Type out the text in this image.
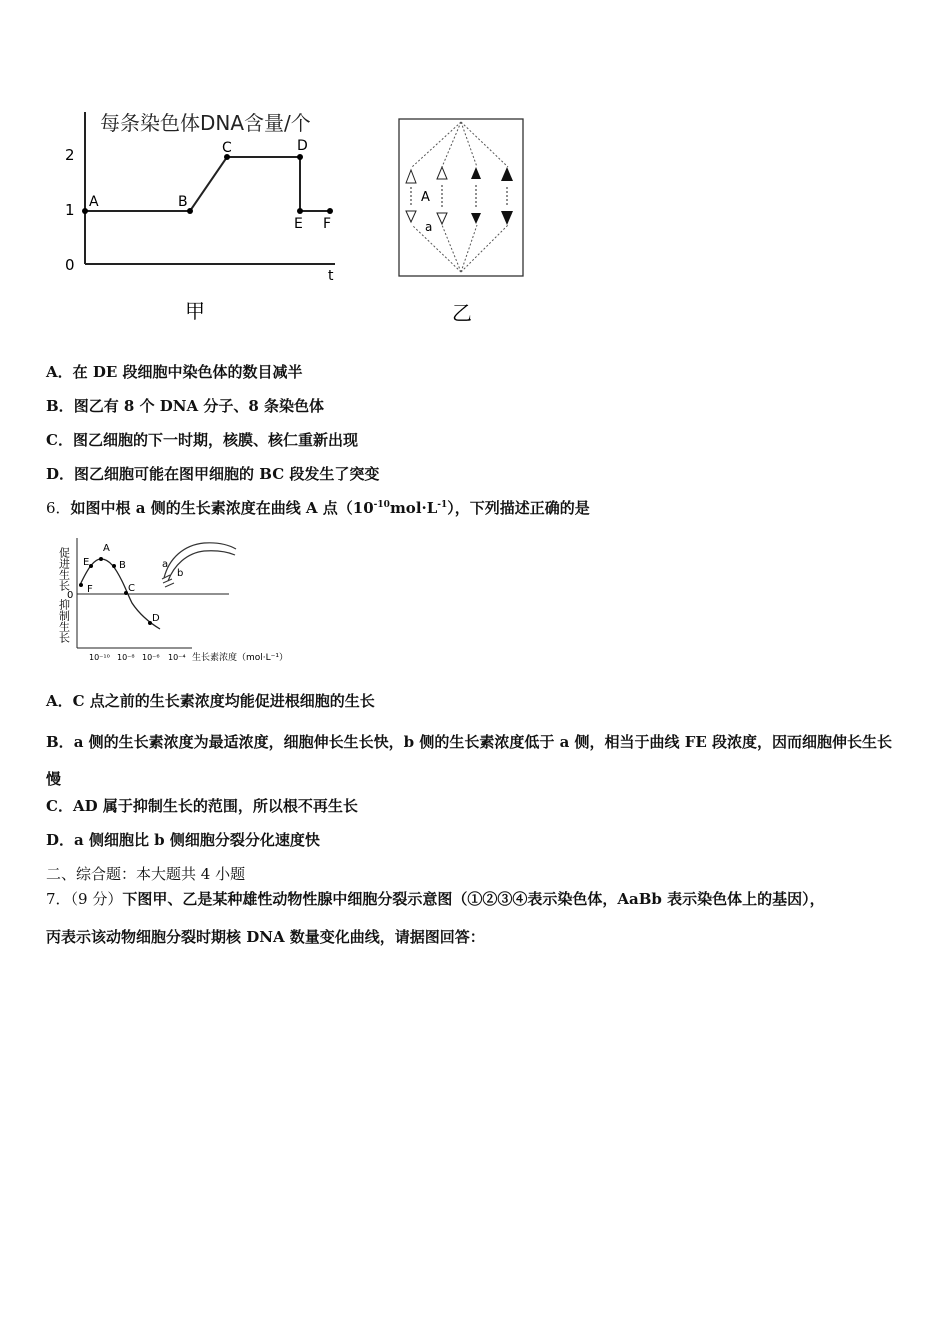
每条染色体DNA含量/个
2
1
0
t
A	B
C	D
E F
甲
A
a
乙
A．在 DE 段细胞中染色体的数目减半
B．图乙有 8 个 DNA 分子、8 条染色体
C．图乙细胞的下一时期，核膜、核仁重新出现
D．图乙细胞可能在图甲细胞的 BC 段发生了突变
6．如图中根 a 侧的生长素浓度在曲线 A 点$(10^{-10}mol\cdot L^{-1})$，下列描述正确的是
促进生长
抑制生长
0
E
A
B
F	C
D
10⁻¹⁰ 10⁻⁸ 10⁻⁶ 10⁻⁴ 生长素浓度（mol·L⁻¹）
a
b
A．C 点之前的生长素浓度均能促进根细胞的生长
B．a 侧的生长素浓度为最适浓度，细胞伸长生长快，b 侧的生长素浓度低于 a 侧，相当于曲线 FE 段浓度，因而细胞伸长生长慢
C．AD 属于抑制生长的范围，所以根不再生长
D．a 侧细胞比 b 侧细胞分裂分化速度快
二、综合题：本大题共 4 小题
7．（9 分）下图甲、乙是某种雄性动物性腺中细胞分裂示意图（①②③④表示染色体，AaBb 表示染色体上的基因），
丙表示该动物细胞分裂时期核 DNA 数量变化曲线，请据图回答：
